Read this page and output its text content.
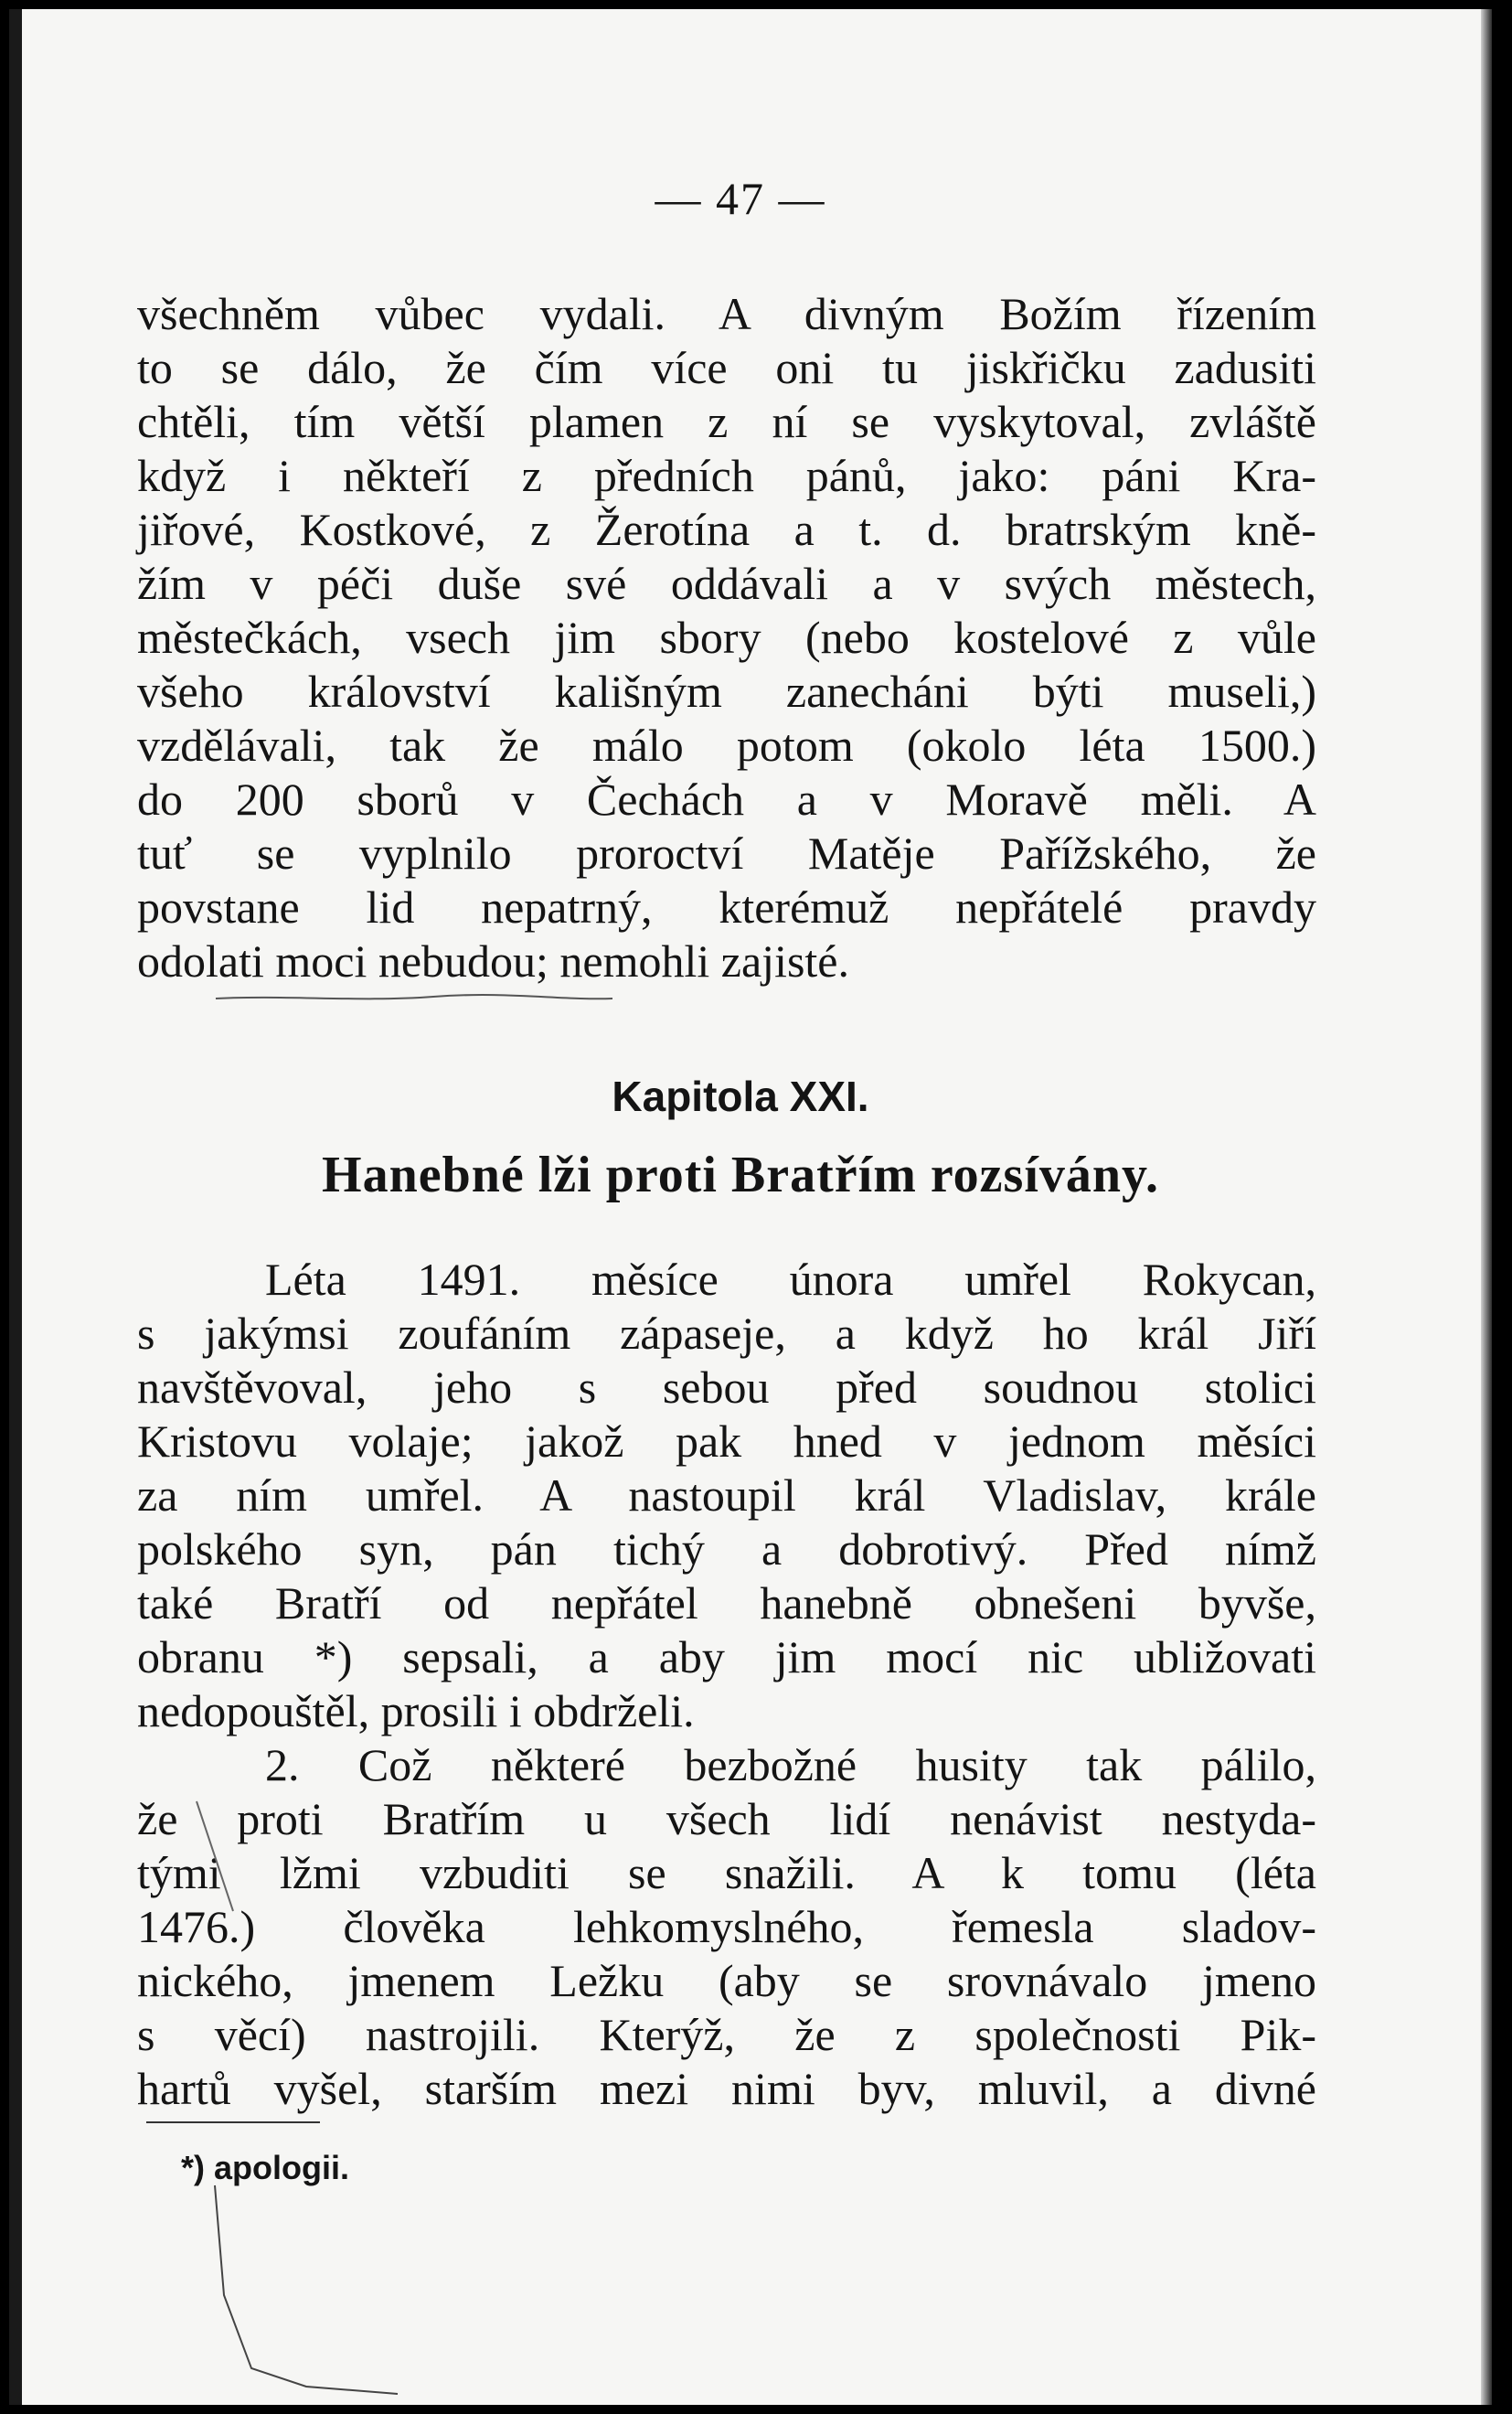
— 47 —
všechněm vůbec vydali. A divným Božím řízením
to se dálo, že čím více oni tu jiskřičku zadusiti
chtěli, tím větší plamen z ní se vyskytoval, zvláště
když i někteří z předních pánů, jako: páni Kra-
jiřové, Kostkové, z Žerotína a t. d. bratrským kně-
žím v péči duše své oddávali a v svých městech,
městečkách, vsech jim sbory (nebo kostelové z vůle
všeho království kališným zanecháni býti museli,)
vzdělávali, tak že málo potom (okolo léta 1500.)
do 200 sborů v Čechách a v Moravě měli. A
tuť se vyplnilo proroctví Matěje Pařížského, že
povstane lid nepatrný, kterémuž nepřátelé pravdy
odolati moci nebudou; nemohli zajisté.
Kapitola XXI.
Hanebné lži proti Bratřím rozsívány.
Léta 1491. měsíce února umřel Rokycan,
s jakýmsi zoufáním zápaseje, a když ho král Jiří
navštěvoval, jeho s sebou před soudnou stolici
Kristovu volaje; jakož pak hned v jednom měsíci
za ním umřel. A nastoupil král Vladislav, krále
polského syn, pán tichý a dobrotivý. Před nímž
také Bratří od nepřátel hanebně obnešeni byvše,
obranu *) sepsali, a aby jim mocí nic ubližovati
nedopouštěl, prosili i obdrželi.
2. Což některé bezbožné husity tak pálilo,
že proti Bratřím u všech lidí nenávist nestyda-
tými lžmi vzbuditi se snažili. A k tomu (léta
1476.) člověka lehkomyslného, řemesla sladov-
nického, jmenem Ležku (aby se srovnávalo jmeno
s věcí) nastrojili. Kterýž, že z společnosti Pik-
hartů vyšel, starším mezi nimi byv, mluvil, a divné
*) apologii.
